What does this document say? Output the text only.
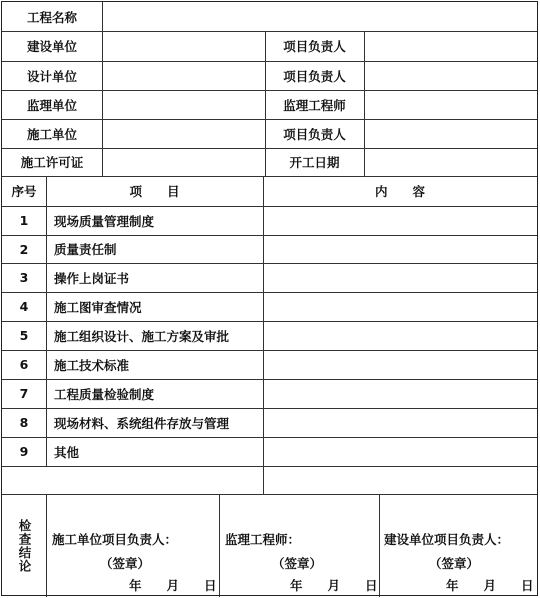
工程名称
建设单位	项目负责人
设计单位	项目负责人
监理单位	监理工程师
施工单位	项目负责人
施工许可证	开工日期
序号	项　　目	内　　容
1	现场质量管理制度
2	质量责任制
3	操作上岗证书
4	施工图审查情况
5	施工组织设计、施工方案及审批
6	施工技术标准
7	工程质量检验制度
8	现场材料、系统组件存放与管理
9	其他
检查结论	施工单位项目负责人：
（签章）
年　　月　　日
监理工程师：
（签章）
年　　月　　日
建设单位项目负责人：
（签章）
年　　月　　日
